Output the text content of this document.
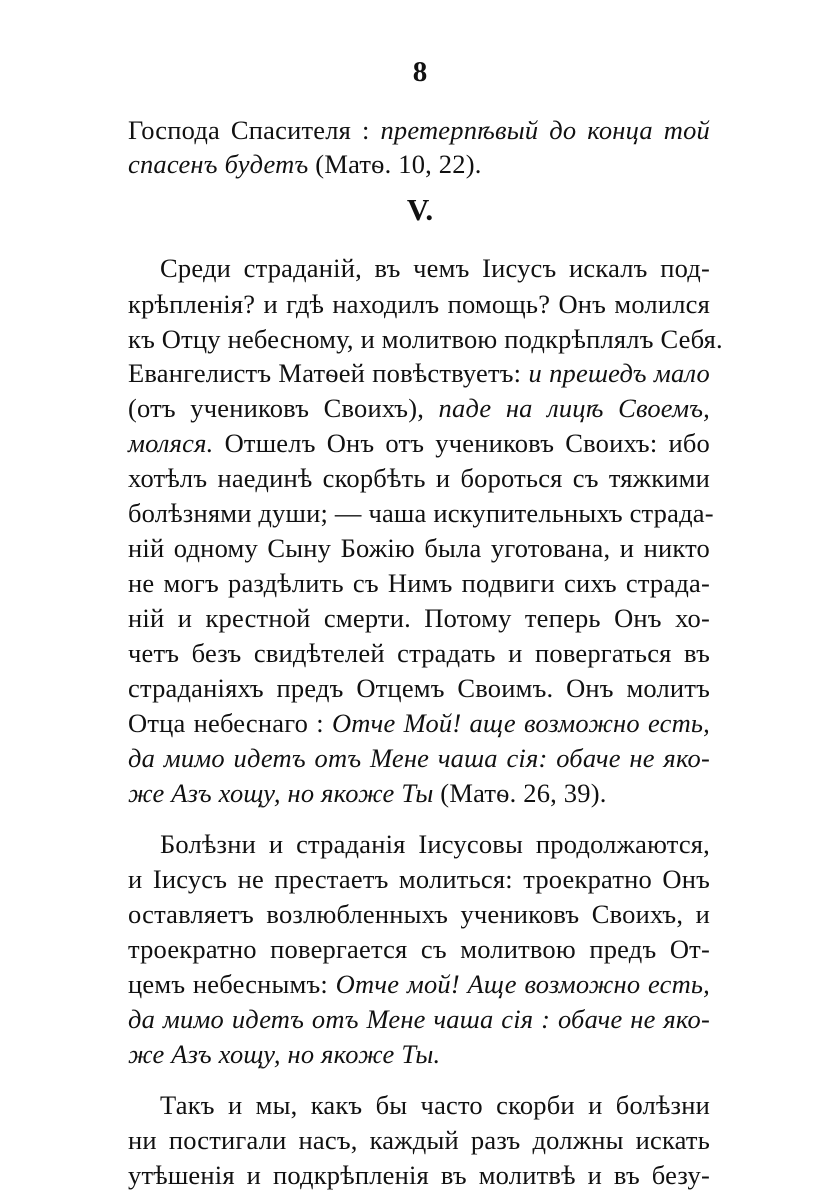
8
Господа Спасителя : претерпѣвый до конца той
спасенъ будетъ (Матѳ. 10, 22).
V.
Среди страданій, въ чемъ Іисусъ искалъ под-
крѣпленія? и гдѣ находилъ помощь? Онъ молился
къ Отцу небесному, и молитвою подкрѣплялъ Себя.
Евангелистъ Матѳей повѣствуетъ: и прешедъ мало
(отъ учениковъ Своихъ), паде на лицѣ Своемъ,
моляся. Отшелъ Онъ отъ учениковъ Своихъ: ибо
хотѣлъ наединѣ скорбѣть и бороться съ тяжкими
болѣзнями души; — чаша искупительныхъ страда-
ній одному Сыну Божію была уготована, и никто
не могъ раздѣлить съ Нимъ подвиги сихъ страда-
ній и крестной смерти. Потому теперь Онъ хо-
четъ безъ свидѣтелей страдать и повергаться въ
страданіяхъ предъ Отцемъ Своимъ. Онъ молитъ
Отца небеснаго : Отче Мой! аще возможно есть,
да мимо идетъ отъ Мене чаша сія: обаче не яко-
же Азъ хощу, но якоже Ты (Матѳ. 26, 39).
Болѣзни и страданія Іисусовы продолжаются,
и Іисусъ не престаетъ молиться: троекратно Онъ
оставляетъ возлюбленныхъ учениковъ Своихъ, и
троекратно повергается съ молитвою предъ От-
цемъ небеснымъ: Отче мой! Аще возможно есть,
да мимо идетъ отъ Мене чаша сія : обаче не яко-
же Азъ хощу, но якоже Ты.
Такъ и мы, какъ бы часто скорби и болѣзни
ни постигали насъ, каждый разъ должны искать
утѣшенія и подкрѣпленія въ молитвѣ и въ безу-
